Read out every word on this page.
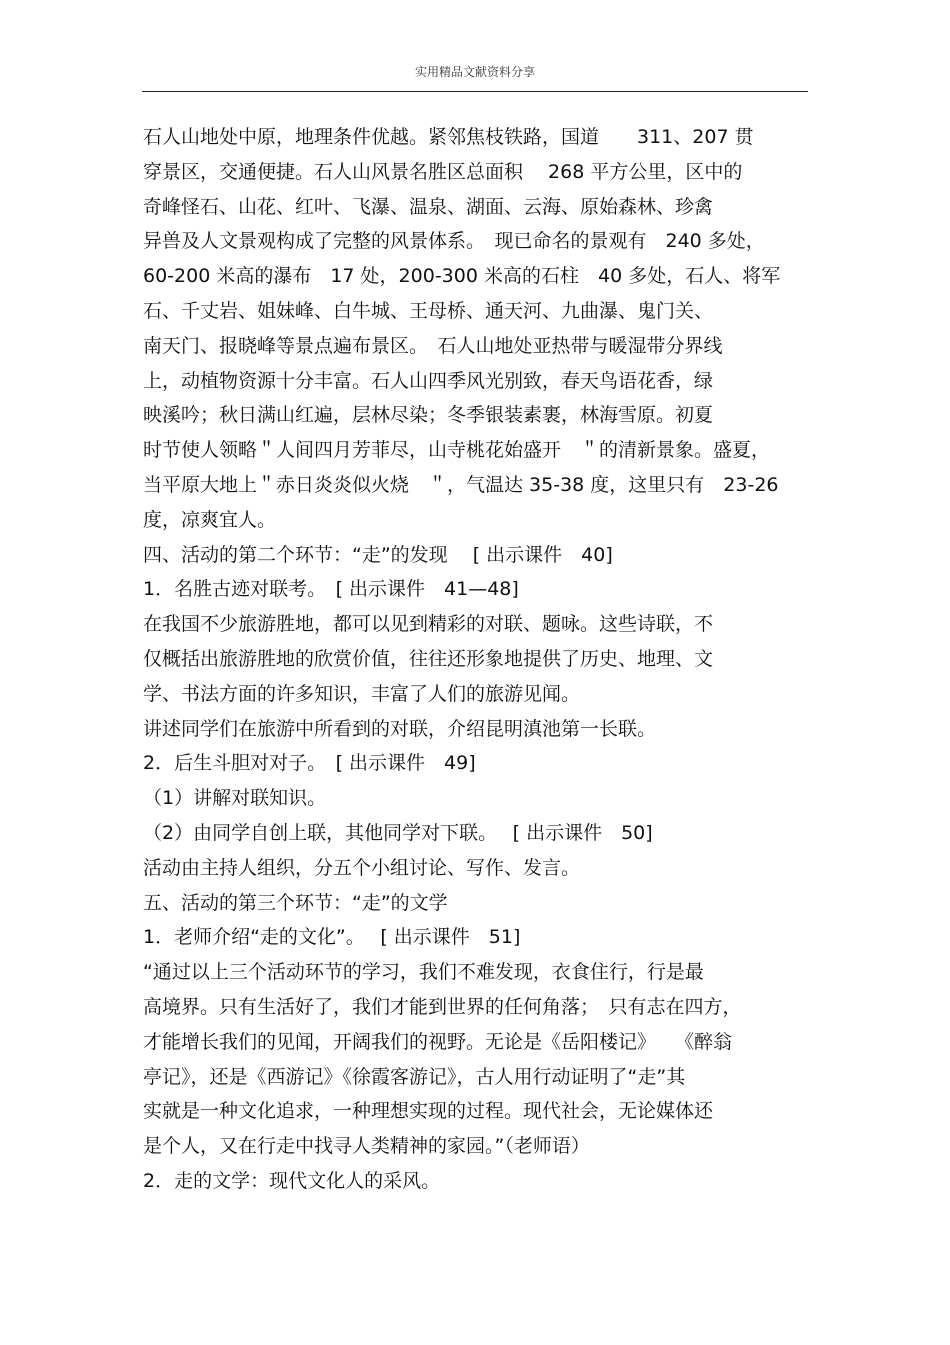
实用精品文献资料分享
石人山地处中原，地理条件优越。紧邻焦枝铁路，国道　　311、207 贯
穿景区，交通便捷。石人山风景名胜区总面积　 268 平方公里，区中的
奇峰怪石、山花、红叶、飞瀑、温泉、湖面、云海、原始森林、珍禽
异兽及人文景观构成了完整的风景体系。　现已命名的景观有　240 多处，
60-200 米高的瀑布　17 处，200-300 米高的石柱　40 多处，石人、将军
石、千丈岩、姐妹峰、白牛城、王母桥、通天河、九曲瀑、鬼门关、
南天门、报晓峰等景点遍布景区。　石人山地处亚热带与暖湿带分界线
上，动植物资源十分丰富。石人山四季风光别致，春天鸟语花香，绿
映溪吟；秋日满山红遍，层林尽染；冬季银装素裹，林海雪原。初夏
时节使人领略＂人间四月芳菲尽，山寺桃花始盛开　＂的清新景象。盛夏，
当平原大地上＂赤日炎炎似火烧　＂，气温达 35-38 度，这里只有　23-26
度，凉爽宜人。
四、活动的第二个环节：“走”的发现　 [ 出示课件　40]
1．名胜古迹对联考。　[ 出示课件　41—48]
在我国不少旅游胜地，都可以见到精彩的对联、题咏。这些诗联，不
仅概括出旅游胜地的欣赏价值，往往还形象地提供了历史、地理、文
学、书法方面的许多知识，丰富了人们的旅游见闻。
讲述同学们在旅游中所看到的对联，介绍昆明滇池第一长联。
2．后生斗胆对对子。　[ 出示课件　49]
（1）讲解对联知识。
（2）由同学自创上联，其他同学对下联。　 [ 出示课件　50]
活动由主持人组织，分五个小组讨论、写作、发言。
五、活动的第三个环节：“走”的文学
1．老师介绍“走的文化”。　 [ 出示课件　51]
“通过以上三个活动环节的学习，我们不难发现，衣食住行，行是最
高境界。只有生活好了，我们才能到世界的任何角落；　只有志在四方，
才能增长我们的见闻，开阔我们的视野。无论是《岳阳楼记》　　《醉翁
亭记》，还是《西游记》《徐霞客游记》，古人用行动证明了“走”其
实就是一种文化追求，一种理想实现的过程。现代社会，无论媒体还
是个人，又在行走中找寻人类精神的家园。”（老师语）
2．走的文学：现代文化人的采风。
